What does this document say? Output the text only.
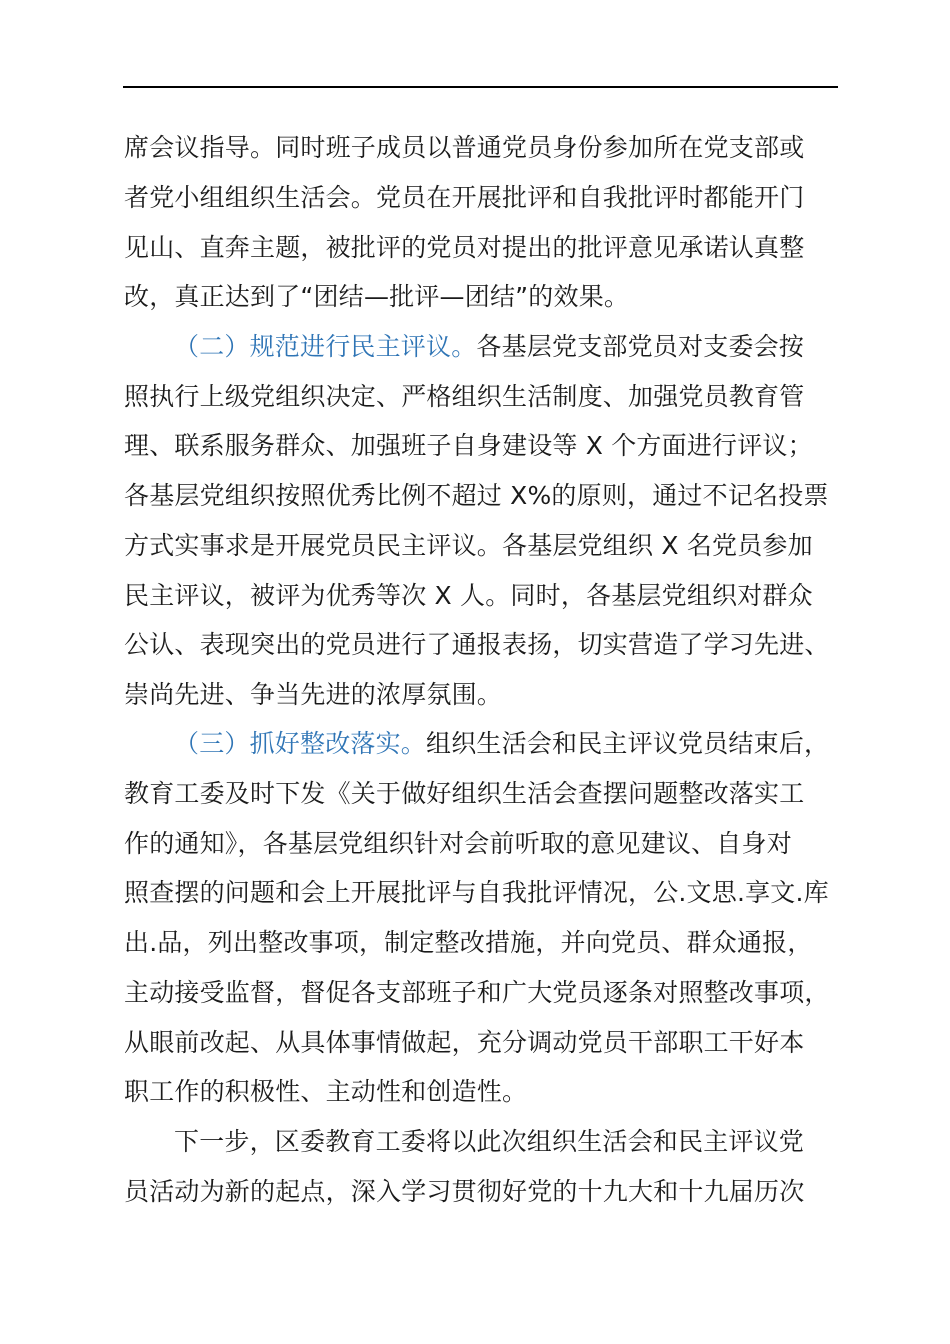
席会议指导。同时班子成员以普通党员身份参加所在党支部或
者党小组组织生活会。党员在开展批评和自我批评时都能开门
见山、直奔主题，被批评的党员对提出的批评意见承诺认真整
改，真正达到了“团结—批评—团结”的效果。
（二）规范进行民主评议。各基层党支部党员对支委会按
照执行上级党组织决定、严格组织生活制度、加强党员教育管
理、联系服务群众、加强班子自身建设等 X 个方面进行评议；
各基层党组织按照优秀比例不超过 X%的原则，通过不记名投票
方式实事求是开展党员民主评议。各基层党组织 X 名党员参加
民主评议，被评为优秀等次 X 人。同时，各基层党组织对群众
公认、表现突出的党员进行了通报表扬，切实营造了学习先进、
崇尚先进、争当先进的浓厚氛围。
（三）抓好整改落实。组织生活会和民主评议党员结束后，
教育工委及时下发《关于做好组织生活会查摆问题整改落实工
作的通知》，各基层党组织针对会前听取的意见建议、自身对
照查摆的问题和会上开展批评与自我批评情况，公.文思.享文.库
出.品，列出整改事项，制定整改措施，并向党员、群众通报，
主动接受监督，督促各支部班子和广大党员逐条对照整改事项，
从眼前改起、从具体事情做起，充分调动党员干部职工干好本
职工作的积极性、主动性和创造性。
下一步，区委教育工委将以此次组织生活会和民主评议党
员活动为新的起点，深入学习贯彻好党的十九大和十九届历次
